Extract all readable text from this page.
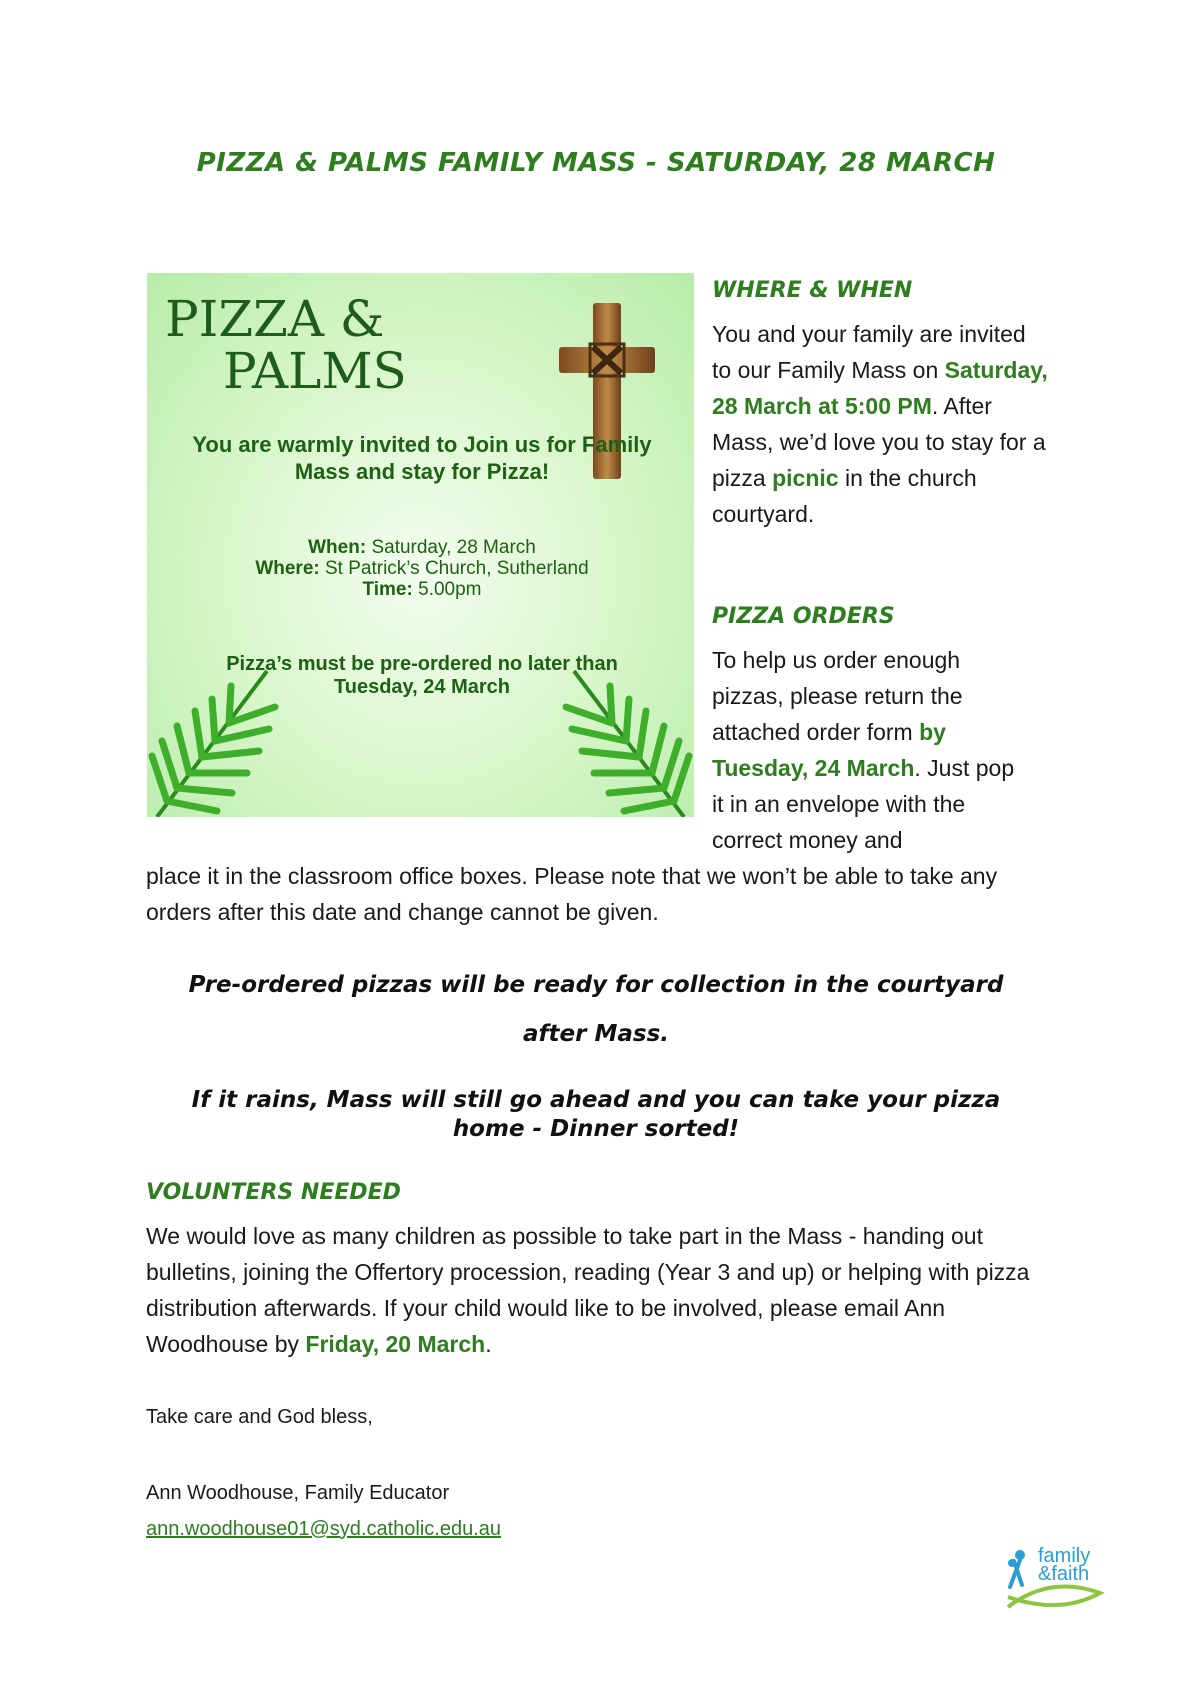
PIZZA & PALMS FAMILY MASS - SATURDAY, 28 MARCH
PIZZA &
PALMS
You are warmly invited to Join us for Family Mass and stay for Pizza!
When: Saturday, 28 March
Where: St Patrick’s Church, Sutherland
Time: 5.00pm
Pizza’s must be pre-ordered no later than Tuesday, 24 March
WHERE & WHEN
You and your family are invited to our Family Mass on Saturday, 28 March at 5:00 PM. After Mass, we’d love you to stay for a pizza picnic in the church courtyard.
PIZZA ORDERS
To help us order enough pizzas, please return the attached order form by Tuesday, 24 March. Just pop it in an envelope with the correct money and
place it in the classroom office boxes. Please note that we won’t be able to take any orders after this date and change cannot be given.
Pre-ordered pizzas will be ready for collection in the courtyard
after Mass.
If it rains, Mass will still go ahead and you can take your pizza
home - Dinner sorted!
VOLUNTERS NEEDED
We would love as many children as possible to take part in the Mass - handing out bulletins, joining the Offertory procession, reading (Year 3 and up) or helping with pizza distribution afterwards. If your child would like to be involved, please email Ann Woodhouse by Friday, 20 March.
Take care and God bless,
Ann Woodhouse, Family Educator
ann.woodhouse01@syd.catholic.edu.au
family
&faith
